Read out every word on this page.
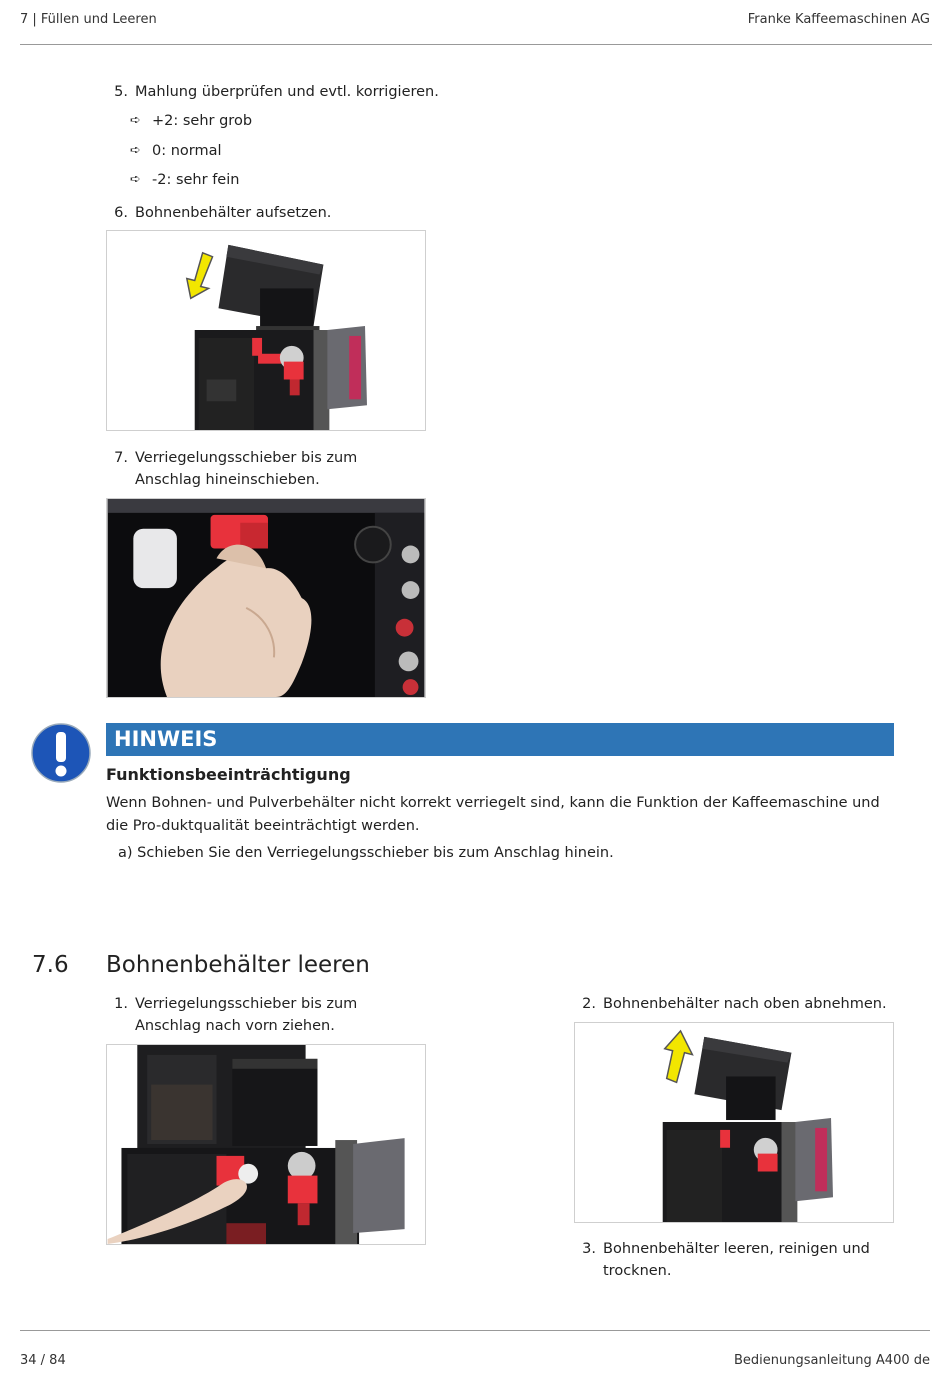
7 | Füllen und Leeren	Franke Kaffeemaschinen AG
5. Mahlung überprüfen und evtl. korrigieren.
➪ +2: sehr grob
➪ 0: normal
➪ -2: sehr fein
6. Bohnenbehälter aufsetzen.
7. Verriegelungsschieber bis zum Anschlag hineinschieben.
HINWEIS
Funktionsbeeinträchtigung
Wenn Bohnen- und Pulverbehälter nicht korrekt verriegelt sind, kann die Funktion der Kaffeemaschine und die Pro-duktqualität beeinträchtigt werden.
a) Schieben Sie den Verriegelungsschieber bis zum Anschlag hinein.
7.6 Bohnenbehälter leeren
1. Verriegelungsschieber bis zum Anschlag nach vorn ziehen.
2. Bohnenbehälter nach oben abnehmen.
3. Bohnenbehälter leeren, reinigen und trocknen.
34 / 84	Bedienungsanleitung A400 de
